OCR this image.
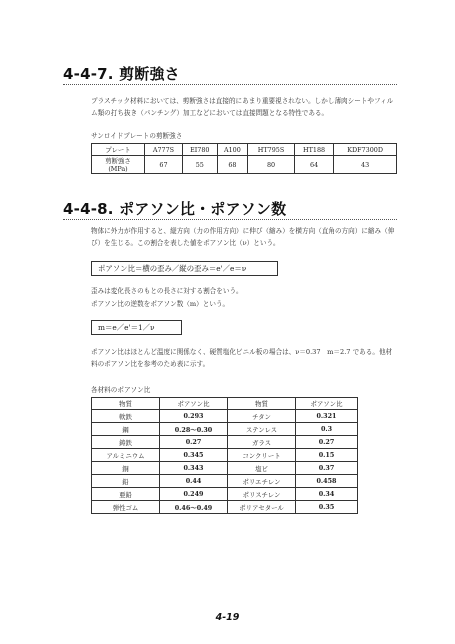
4-4-7. 剪断強さ
プラスチック材料においては、剪断強さは直接的にあまり重要視されない。しかし薄肉シートやフィルム類の打ち抜き（パンチング）加工などにおいては直接問題となる特性である。
サンロイドプレートの剪断強さ
プレート	A777S	EI780	A100	HT795S	HT188	KDF7300D

剪断強さ
(MPa)	67	55	68	80	64	43
4-4-8. ポアソン比・ポアソン数
物体に外力が作用すると、縦方向（力の作用方向）に伸び（縮み）を横方向（直角の方向）に縮み（伸び）を生じる。この割合を表した値をポアソン比（ν）という。
ポアソン比＝横の歪み／縦の歪み＝e'／e＝ν
歪みは変化長さのもとの長さに対する割合をいう。
ポアソン比の逆数をポアソン数（m）という。
m＝e／e'＝1／ν
ポアソン比はほとんど温度に関係なく、硬質塩化ビニル板の場合は、ν＝0.37　m＝2.7 である。他材料のポアソン比を参考のため表に示す。
各材料のポアソン比
物質	ポアソン比	物質	ポアソン比
軟鉄	0.293	チタン	0.321
鋼	0.28～0.30	ステンレス	0.3
鋳鉄	0.27	ガラス	0.27
アルミニウム	0.345	コンクリート	0.15
銅	0.343	塩ビ	0.37
鉛	0.44	ポリエチレン	0.458
亜鉛	0.249	ポリスチレン	0.34
弾性ゴム	0.46～0.49	ポリアセタール	0.35
4-19
